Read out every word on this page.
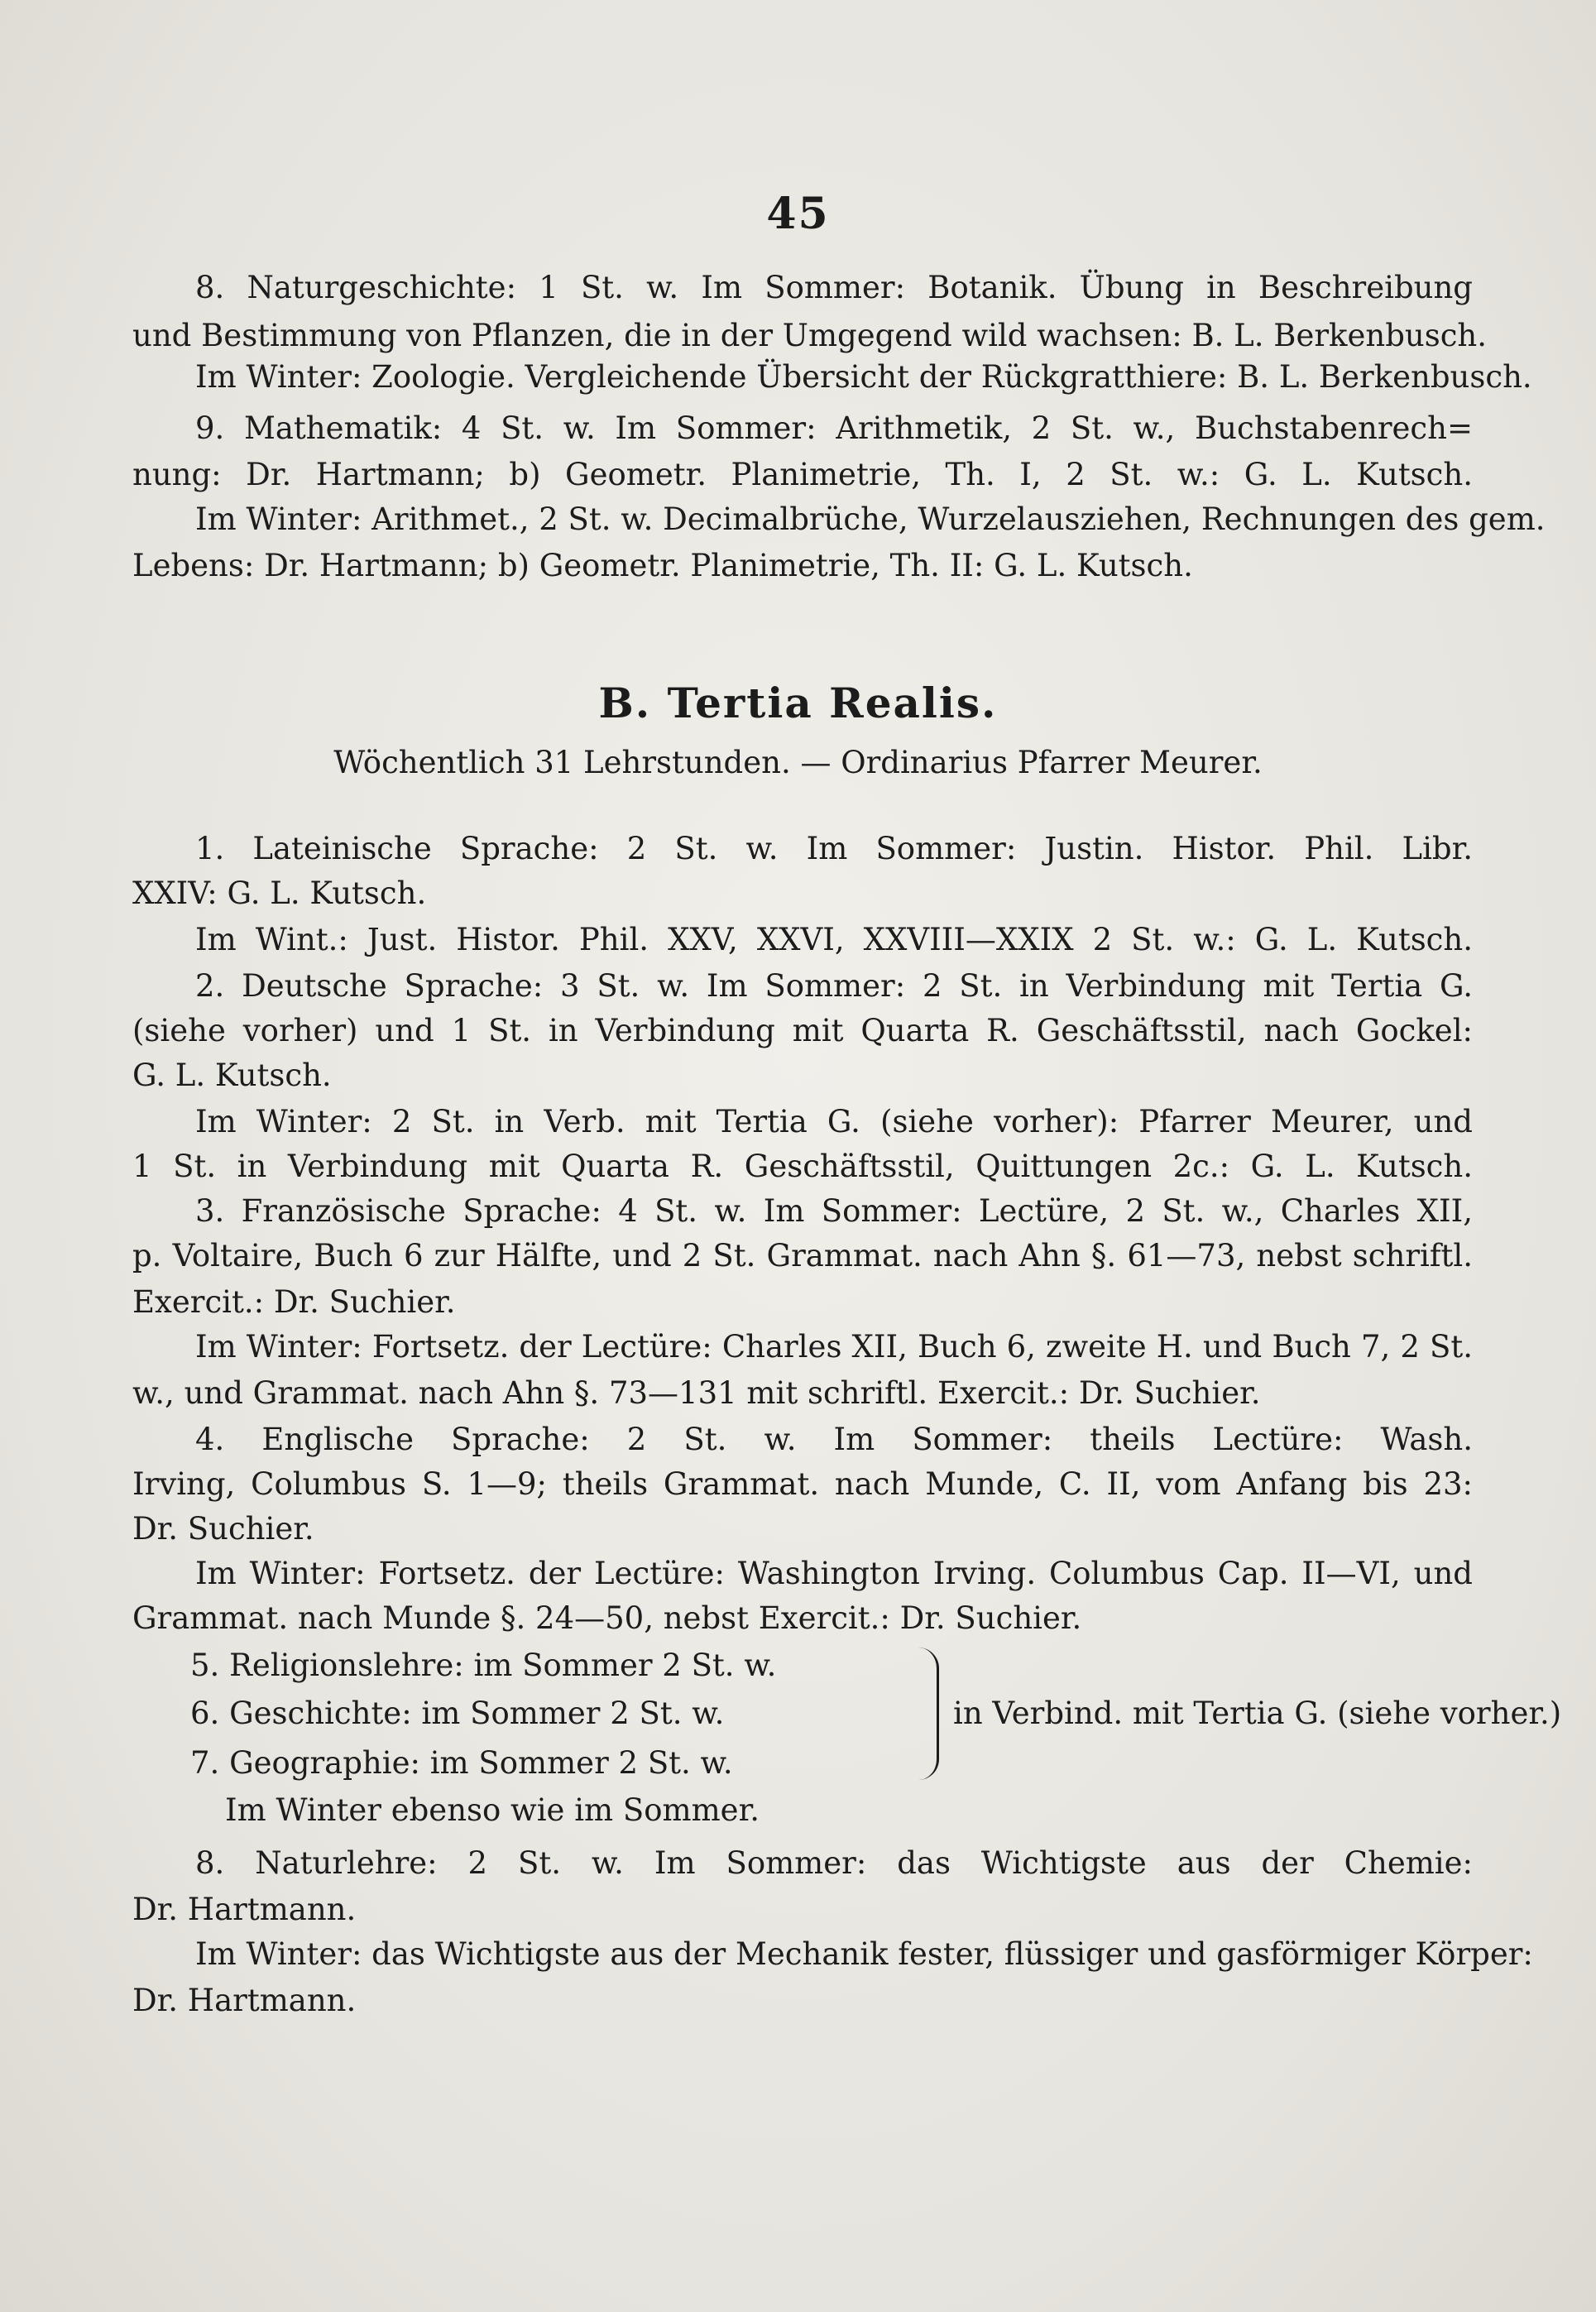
45
8. Naturgeschichte: 1 St. w. Im Sommer: Botanik. Übung in Beschreibung
und Bestimmung von Pflanzen, die in der Umgegend wild wachsen: B. L. Berkenbusch.
Im Winter: Zoologie. Vergleichende Übersicht der Rückgratthiere: B. L. Berkenbusch.
9. Mathematik: 4 St. w. Im Sommer: Arithmetik, 2 St. w., Buchstabenrech=
nung: Dr. Hartmann; b) Geometr. Planimetrie, Th. I, 2 St. w.: G. L. Kutsch.
Im Winter: Arithmet., 2 St. w. Decimalbrüche, Wurzelausziehen, Rechnungen des gem.
Lebens: Dr. Hartmann; b) Geometr. Planimetrie, Th. II: G. L. Kutsch.
B. Tertia Realis.
Wöchentlich 31 Lehrstunden. — Ordinarius Pfarrer Meurer.
1. Lateinische Sprache: 2 St. w. Im Sommer: Justin. Histor. Phil. Libr.
XXIV: G. L. Kutsch.
Im Wint.: Just. Histor. Phil. XXV, XXVI, XXVIII—XXIX 2 St. w.: G. L. Kutsch.
2. Deutsche Sprache: 3 St. w. Im Sommer: 2 St. in Verbindung mit Tertia G.
(siehe vorher) und 1 St. in Verbindung mit Quarta R. Geschäftsstil, nach Gockel:
G. L. Kutsch.
Im Winter: 2 St. in Verb. mit Tertia G. (siehe vorher): Pfarrer Meurer, und
1 St. in Verbindung mit Quarta R. Geschäftsstil, Quittungen 2c.: G. L. Kutsch.
3. Französische Sprache: 4 St. w. Im Sommer: Lectüre, 2 St. w., Charles XII,
p. Voltaire, Buch 6 zur Hälfte, und 2 St. Grammat. nach Ahn §. 61—73, nebst schriftl.
Exercit.: Dr. Suchier.
Im Winter: Fortsetz. der Lectüre: Charles XII, Buch 6, zweite H. und Buch 7, 2 St.
w., und Grammat. nach Ahn §. 73—131 mit schriftl. Exercit.: Dr. Suchier.
4. Englische Sprache: 2 St. w. Im Sommer: theils Lectüre: Wash.
Irving, Columbus S. 1—9; theils Grammat. nach Munde, C. II, vom Anfang bis 23:
Dr. Suchier.
Im Winter: Fortsetz. der Lectüre: Washington Irving. Columbus Cap. II—VI, und
Grammat. nach Munde §. 24—50, nebst Exercit.: Dr. Suchier.
5. Religionslehre: im Sommer 2 St. w.
6. Geschichte: im Sommer 2 St. w.
7. Geographie: im Sommer 2 St. w.
in Verbind. mit Tertia G. (siehe vorher.)
Im Winter ebenso wie im Sommer.
8. Naturlehre: 2 St. w. Im Sommer: das Wichtigste aus der Chemie:
Dr. Hartmann.
Im Winter: das Wichtigste aus der Mechanik fester, flüssiger und gasförmiger Körper:
Dr. Hartmann.
